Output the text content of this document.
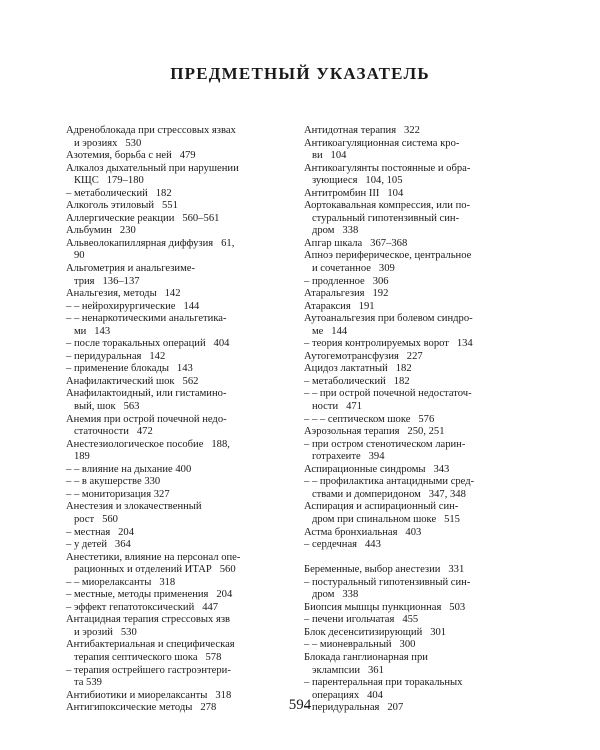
ПРЕДМЕТНЫЙ УКАЗАТЕЛЬ
Адреноблокада при стрессовых язвах
и эрозиях   530
Азотемия, борьба с ней   479
Алкалоз дыхательный при нарушении
КЩС   179–180
– метаболический   182
Алкоголь этиловый   551
Аллергические реакции   560–561
Альбумин   230
Альвеолокапиллярная диффузия   61,
90
Альгометрия и анальгезиме-
трия   136–137
Анальгезия, методы   142
– – нейрохирургические   144
– – ненаркотическими анальгетика-
ми   143
– после торакальных операций   404
– перидуральная   142
– применение блокады   143
Анафилактический шок   562
Анафилактоидный, или гистамино-
вый, шок   563
Анемия при острой почечной недо-
статочности   472
Анестезиологическое пособие   188,
189
– – влияние на дыхание 400
– – в акушерстве 330
– – мониторизация 327
Анестезия и злокачественный
рост   560
– местная   204
– у детей   364
Анестетики, влияние на персонал опе-
рационных и отделений ИТАР   560
– – миорелаксанты   318
– местные, методы применения   204
– эффект гепатотоксический   447
Антацидная терапия стрессовых язв
и эрозий   530
Антибактериальная и специфическая
терапия септического шока   578
– терапия острейшего гастроэнтери-
та 539
Антибиотики и миорелаксанты   318
Антигипоксические методы   278
Антидотная терапия   322
Антикоагуляционная система кро-
ви   104
Антикоагулянты постоянные и обра-
зующиеся   104, 105
Антитромбин III   104
Аортокавальная компрессия, или по-
стуральный гипотензивный син-
дром   338
Апгар шкала   367–368
Апноэ периферическое, центральное
и сочетанное   309
– продленное   306
Атаральгезия   192
Атараксия   191
Аутоанальгезия при болевом синдро-
ме   144
– теория контролируемых ворот   134
Аутогемотрансфузия   227
Ацидоз лактатный   182
– метаболический   182
– – при острой почечной недостаточ-
ности   471
– – – септическом шоке   576
Аэрозольная терапия   250, 251
– при остром стенотическом ларин-
готрахеите   394
Аспирационные синдромы   343
– – профилактика антацидными сред-
ствами и домперидоном   347, 348
Аспирация и аспирационный син-
дром при спинальном шоке   515
Астма бронхиальная   403
– сердечная   443
Беременные, выбор анестезии   331
– постуральный гипотензивный син-
дром   338
Биопсия мышцы пункционная   503
– печени игольчатая   455
Блок десенситизирующий   301
– – мионевральный   300
Блокада ганглионарная при
эклампсии   361
– парентеральная при торакальных
операциях   404
– перидуральная   207
594
